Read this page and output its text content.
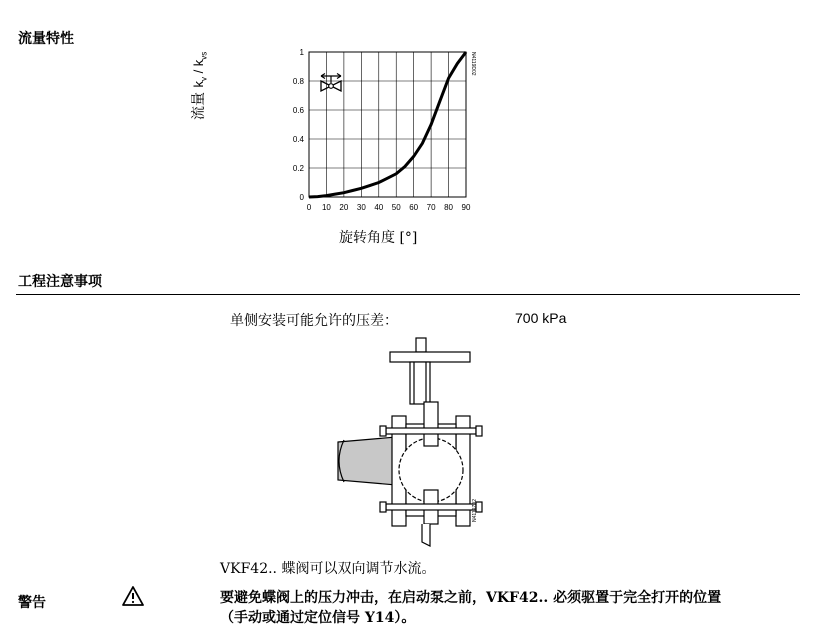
流量特性
0 10 20 30 40 50 60 70 80 90
0
0.2
0.4
0.6
0.8
1	N4119D02
流量 $k_v / k_{vs}$
旋转角度 [°]
工程注意事项
单侧安装可能允许的压差：	700 kPa
N4119Z02
VKF42.. 蝶阀可以双向调节水流。
警告	要避免蝶阀上的压力冲击，在启动泵之前，VKF42.. 必须驱置于完全打开的位置
（手动或通过定位信号 Y14）。
